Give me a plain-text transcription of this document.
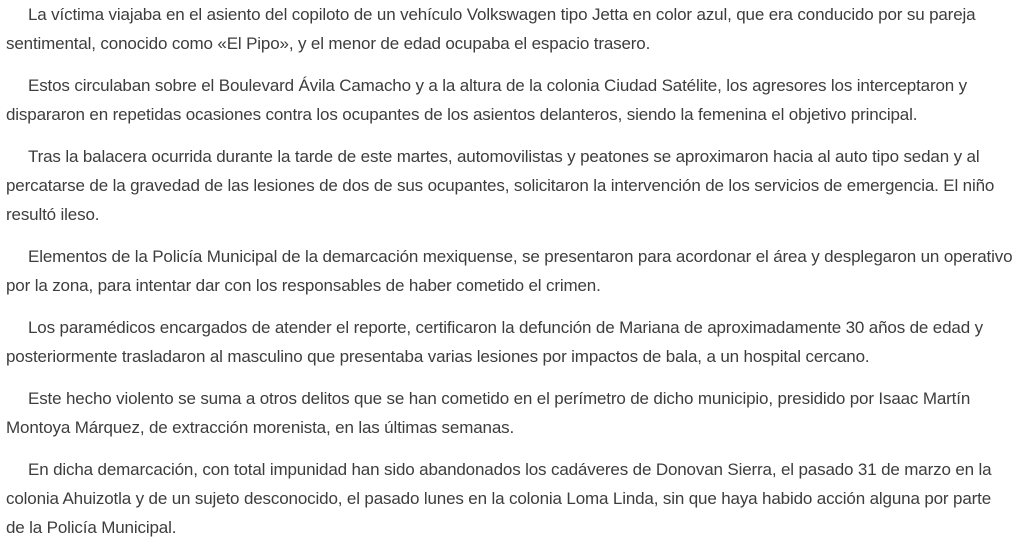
La víctima viajaba en el asiento del copiloto de un vehículo Volkswagen tipo Jetta en color azul, que era conducido por su pareja sentimental, conocido como «El Pipo», y el menor de edad ocupaba el espacio trasero.

Estos circulaban sobre el Boulevard Ávila Camacho y a la altura de la colonia Ciudad Satélite, los agresores los interceptaron y dispararon en repetidas ocasiones contra los ocupantes de los asientos delanteros, siendo la femenina el objetivo principal.

Tras la balacera ocurrida durante la tarde de este martes, automovilistas y peatones se aproximaron hacia al auto tipo sedan y al percatarse de la gravedad de las lesiones de dos de sus ocupantes, solicitaron la intervención de los servicios de emergencia. El niño resultó ileso.

Elementos de la Policía Municipal de la demarcación mexiquense, se presentaron para acordonar el área y desplegaron un operativo por la zona, para intentar dar con los responsables de haber cometido el crimen.

Los paramédicos encargados de atender el reporte, certificaron la defunción de Mariana de aproximadamente 30 años de edad y posteriormente trasladaron al masculino que presentaba varias lesiones por impactos de bala, a un hospital cercano.

Este hecho violento se suma a otros delitos que se han cometido en el perímetro de dicho municipio, presidido por Isaac Martín Montoya Márquez, de extracción morenista, en las últimas semanas.

En dicha demarcación, con total impunidad han sido abandonados los cadáveres de Donovan Sierra, el pasado 31 de marzo en la colonia Ahuizotla y de un sujeto desconocido, el pasado lunes en la colonia Loma Linda, sin que haya habido acción alguna por parte de la Policía Municipal.
